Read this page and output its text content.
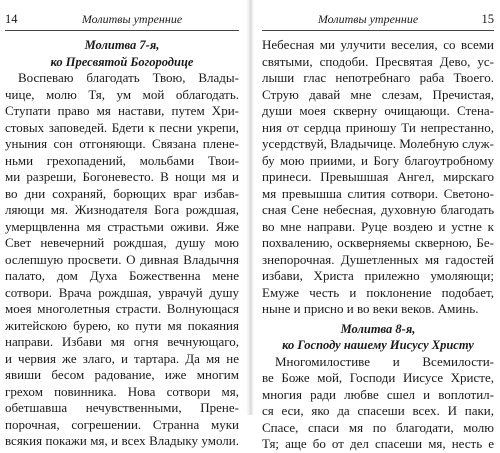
14	Молитвы утренние

Молитва 7-я,

ко Пресвятой Богородице

Воспеваю благодать Твою, Влады-
чице, молю Тя, ум мой облагодать.
Ступати право мя настави, путем Хри-
стовых заповедей. Бдети к песни укрепи,
уныния сон отгоняющи. Связана плене-
ньми грехопадений, мольбами Твои-
ми разреши, Богоневесто. В нощи мя и
во дни сохраняй, борющих враг избав-
ляющи мя. Жизнодателя Бога рождшая,
умерщвленна мя страстьми оживи. Яже
Свет невечерний рождшая, душу мою
ослепшую просвети. О дивная Владычня
палато, дом Духа Божественна мене
сотвори. Врача рождшая, уврачуй душу
моея многолетныя страсти. Волнующася
житейскою бурею, ко пути мя покаяния
направи. Избави мя огня вечнующаго,
и червия же злаго, и тартара. Да мя не
явиши бесом радование, иже многим
грехом повинника. Нова сотвори мя,
обетшавша нечувственными, Прене-
порочная, согрешении. Странна муки
всякия покажи мя, и всех Владыку умоли.
Молитвы утренние	15
Небесная ми улучити веселия, со всеми
святыми, сподоби. Пресвятая Дево, ус-
лыши глас непотребнаго раба Твоего.
Струю давай мне слезам, Пречистая,
души моея скверну очищающи. Стена-
ния от сердца приношу Ти непрестанно,
усердствуй, Владычице. Молебную служ-
бу мою приими, и Богу благоутробному
принеси. Превышшая Ангел, мирскаго
мя превышша слития сотвори. Светоно-
сная Сене небесная, духовную благодать
во мне направи. Руце воздею и устне к
похвалению, оскверняемы скверною, Бе-
знепорочная. Душетленных мя гадостей
избави, Христа прилежно умоляющи;
Емуже честь и поклонение подобает,
ныне и присно и во веки веков. Аминь.

Молитва 8-я,

ко Господу нашему Иисусу Христу

Многомилостиве и Всемилости-
ве Боже мой, Господи Иисусе Христе,
многия ради любве сшел и воплотил-
ся еси, яко да спасеши всех. И паки,
Спасе, спаси мя по благодати, молю
Тя; аще бо от дел спасеши мя, несть е
